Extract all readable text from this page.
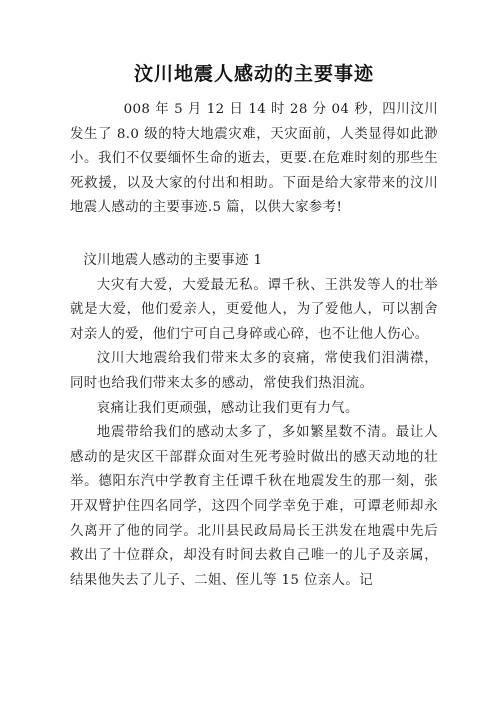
汶川地震人感动的主要事迹

008 年 5 月 12 日 14 时 28 分 04 秒，四川汶川发生了 8.0 级的特大地震灾难，天灾面前，人类显得如此渺小。我们不仅要缅怀生命的逝去，更要.在危难时刻的那些生死救援，以及大家的付出和相助。下面是给大家带来的汶川地震人感动的主要事迹.5 篇，以供大家参考!

汶川地震人感动的主要事迹 1

大灾有大爱，大爱最无私。谭千秋、王洪发等人的壮举就是大爱，他们爱亲人，更爱他人，为了爱他人，可以割舍对亲人的爱，他们宁可自己身碎或心碎，也不让他人伤心。

汶川大地震给我们带来太多的哀痛，常使我们泪满襟，同时也给我们带来太多的感动，常使我们热泪流。

哀痛让我们更顽强，感动让我们更有力气。

地震带给我们的感动太多了，多如繁星数不清。最让人感动的是灾区干部群众面对生死考验时做出的感天动地的壮举。德阳东汽中学教育主任谭千秋在地震发生的那一刻，张开双臂护住四名同学，这四个同学幸免于难，可谭老师却永久离开了他的同学。北川县民政局局长王洪发在地震中先后救出了十位群众，却没有时间去救自己唯一的儿子及亲属，结果他失去了儿子、二姐、侄儿等 15 位亲人。记
